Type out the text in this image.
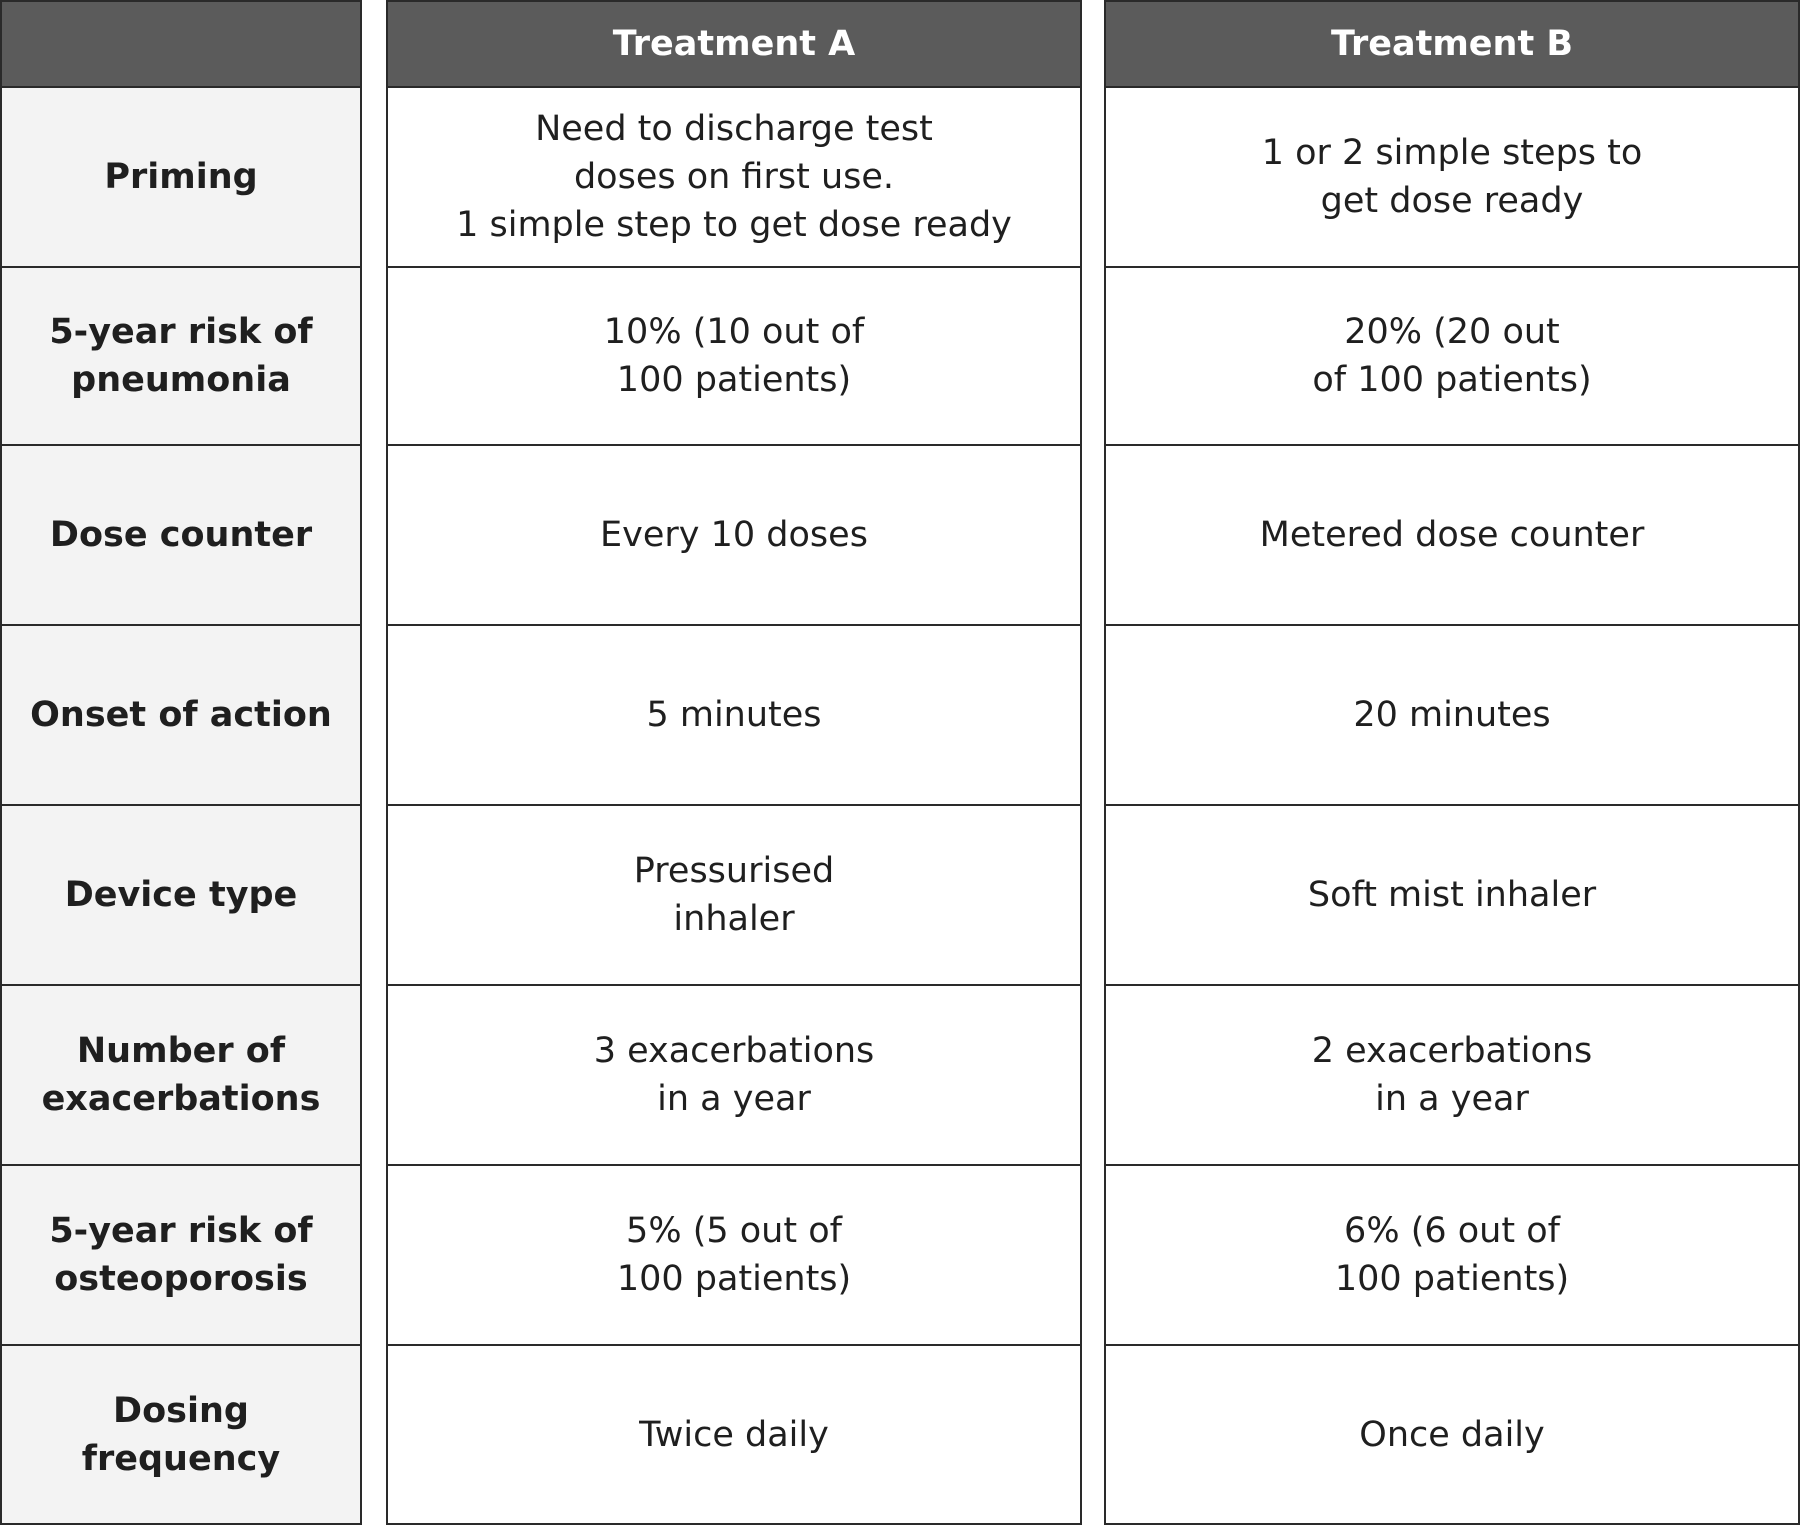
Priming
5-year risk of
pneumonia
Dose counter
Onset of action
Device type
Number of
exacerbations
5-year risk of
osteoporosis
Dosing
frequency
Treatment A
Need to discharge test
doses on first use.
1 simple step to get dose ready
10% (10 out of
100 patients)
Every 10 doses
5 minutes
Pressurised
inhaler
3 exacerbations
in a year
5% (5 out of
100 patients)
Twice daily
Treatment B
1 or 2 simple steps to
get dose ready
20% (20 out
of 100 patients)
Metered dose counter
20 minutes
Soft mist inhaler
2 exacerbations
in a year
6% (6 out of
100 patients)
Once daily
